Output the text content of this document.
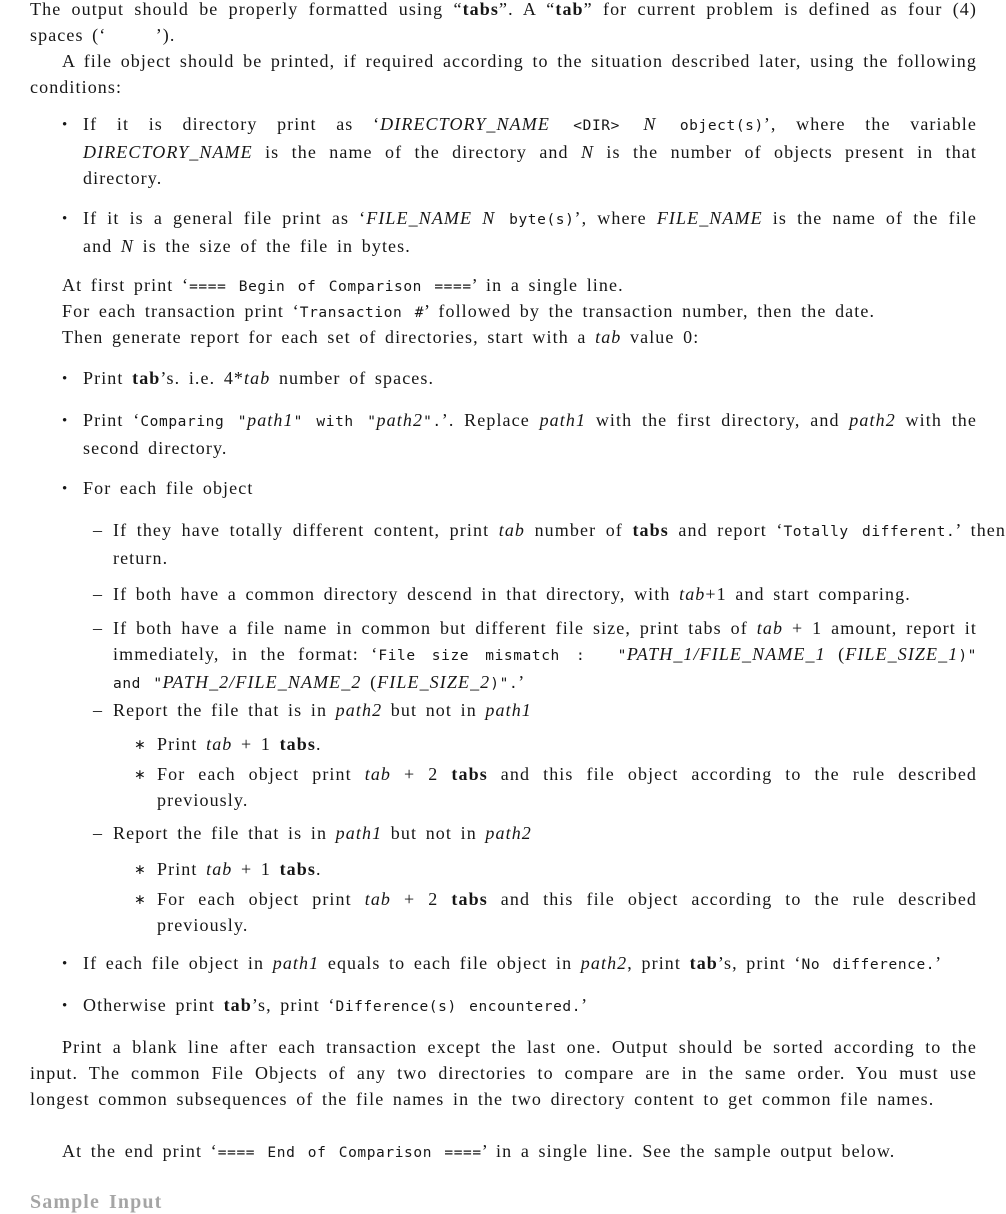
The output should be properly formatted using “tabs”. A “tab” for current problem is defined as four (4) spaces (‘	’).
A file object should be printed, if required according to the situation described later, using the following conditions:
• If it is directory print as ‘DIRECTORY_NAME <DIR> N object(s)’, where the variable DIRECTORY_NAME is the name of the directory and N is the number of objects present in that directory.
• If it is a general file print as ‘FILE_NAME N byte(s)’, where FILE_NAME is the name of the file and N is the size of the file in bytes.
At first print ‘==== Begin of Comparison ====’ in a single line.
For each transaction print ‘Transaction #’ followed by the transaction number, then the date.
Then generate report for each set of directories, start with a tab value 0:
• Print tab’s. i.e. 4*tab number of spaces.
• Print ‘Comparing "path1" with "path2".’. Replace path1 with the first directory, and path2 with the second directory.
• For each file object
– If they have totally different content, print tab number of tabs and report ‘Totally different.’ then return.
– If both have a common directory descend in that directory, with tab+1 and start comparing.
– If both have a file name in common but different file size, print tabs of tab + 1 amount, report it immediately, in the format: ‘File size mismatch :  "PATH_1/FILE_NAME_1 (FILE_SIZE_1)" and "PATH_2/FILE_NAME_2 (FILE_SIZE_2)".’
– Report the file that is in path2 but not in path1
∗ Print tab + 1 tabs.
∗ For each object print tab + 2 tabs and this file object according to the rule described previously.
– Report the file that is in path1 but not in path2
∗ Print tab + 1 tabs.
∗ For each object print tab + 2 tabs and this file object according to the rule described previously.
• If each file object in path1 equals to each file object in path2, print tab’s, print ‘No difference.’
• Otherwise print tab’s, print ‘Difference(s) encountered.’
Print a blank line after each transaction except the last one. Output should be sorted according to the input. The common File Objects of any two directories to compare are in the same order. You must use longest common subsequences of the file names in the two directory content to get common file names.
At the end print ‘==== End of Comparison ====’ in a single line. See the sample output below.
Sample Input
